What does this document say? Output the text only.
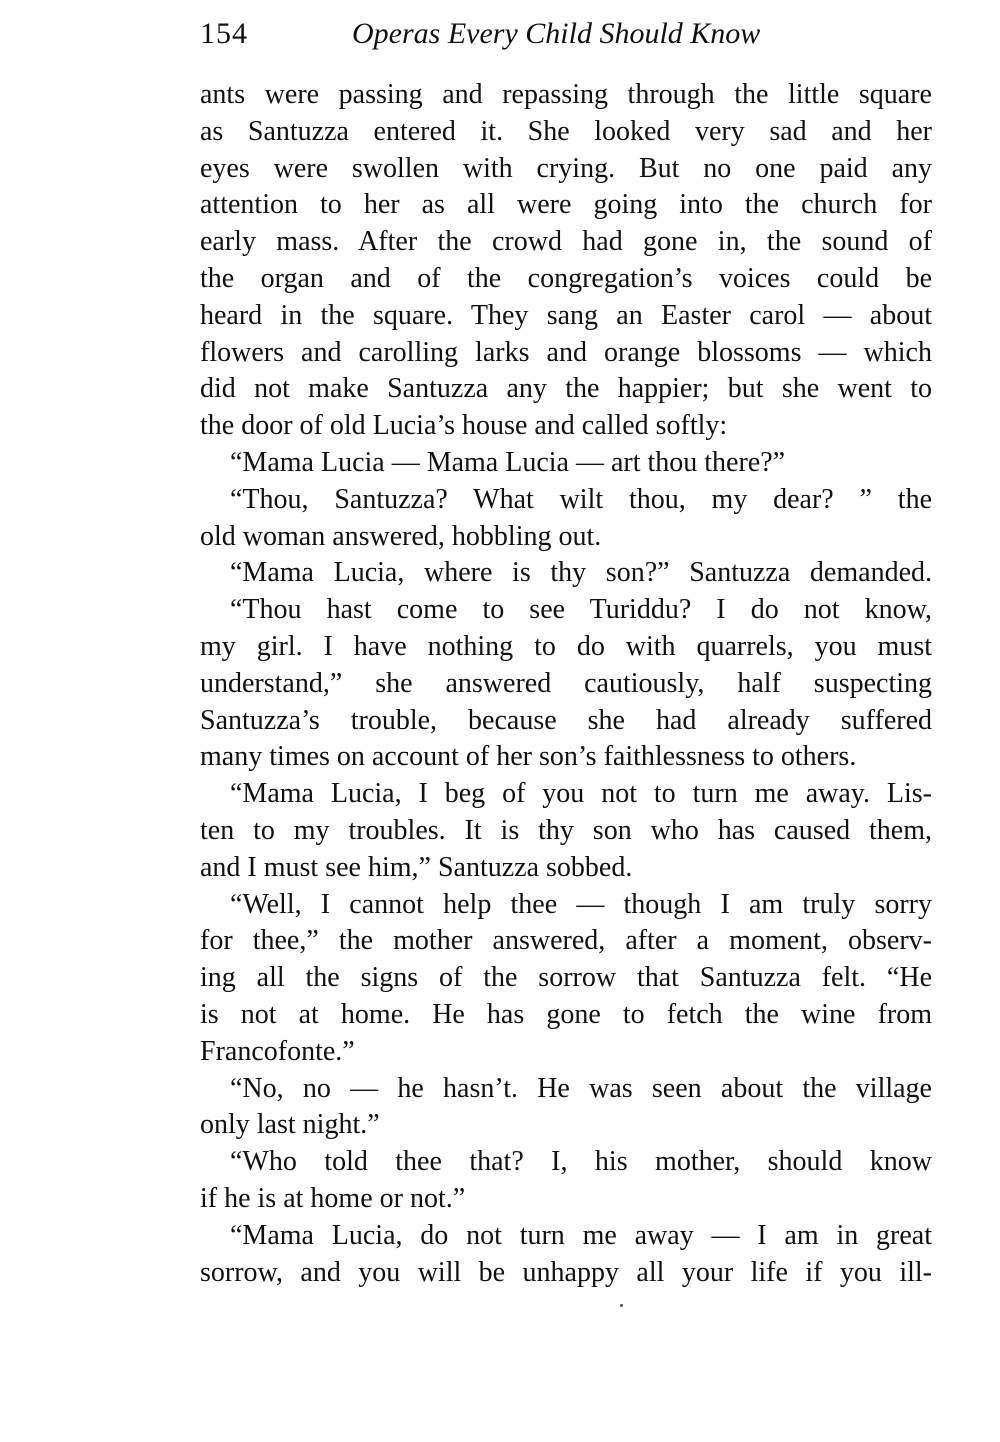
154	Operas Every Child Should Know
ants were passing and repassing through the little square
as Santuzza entered it. She looked very sad and her
eyes were swollen with crying. But no one paid any
attention to her as all were going into the church for
early mass. After the crowd had gone in, the sound of
the organ and of the congregation’s voices could be
heard in the square. They sang an Easter carol — about
flowers and carolling larks and orange blossoms — which
did not make Santuzza any the happier; but she went to
the door of old Lucia’s house and called softly:
“Mama Lucia — Mama Lucia — art thou there?”
“Thou, Santuzza? What wilt thou, my dear? ” the
old woman answered, hobbling out.
“Mama Lucia, where is thy son?” Santuzza demanded.
“Thou hast come to see Turiddu? I do not know,
my girl. I have nothing to do with quarrels, you must
understand,” she answered cautiously, half suspecting
Santuzza’s trouble, because she had already suffered
many times on account of her son’s faithlessness to others.
“Mama Lucia, I beg of you not to turn me away. Lis-
ten to my troubles. It is thy son who has caused them,
and I must see him,” Santuzza sobbed.
“Well, I cannot help thee — though I am truly sorry
for thee,” the mother answered, after a moment, observ-
ing all the signs of the sorrow that Santuzza felt. “He
is not at home. He has gone to fetch the wine from
Francofonte.”
“No, no — he hasn’t. He was seen about the village
only last night.”
“Who told thee that? I, his mother, should know
if he is at home or not.”
“Mama Lucia, do not turn me away — I am in great
sorrow, and you will be unhappy all your life if you ill-
